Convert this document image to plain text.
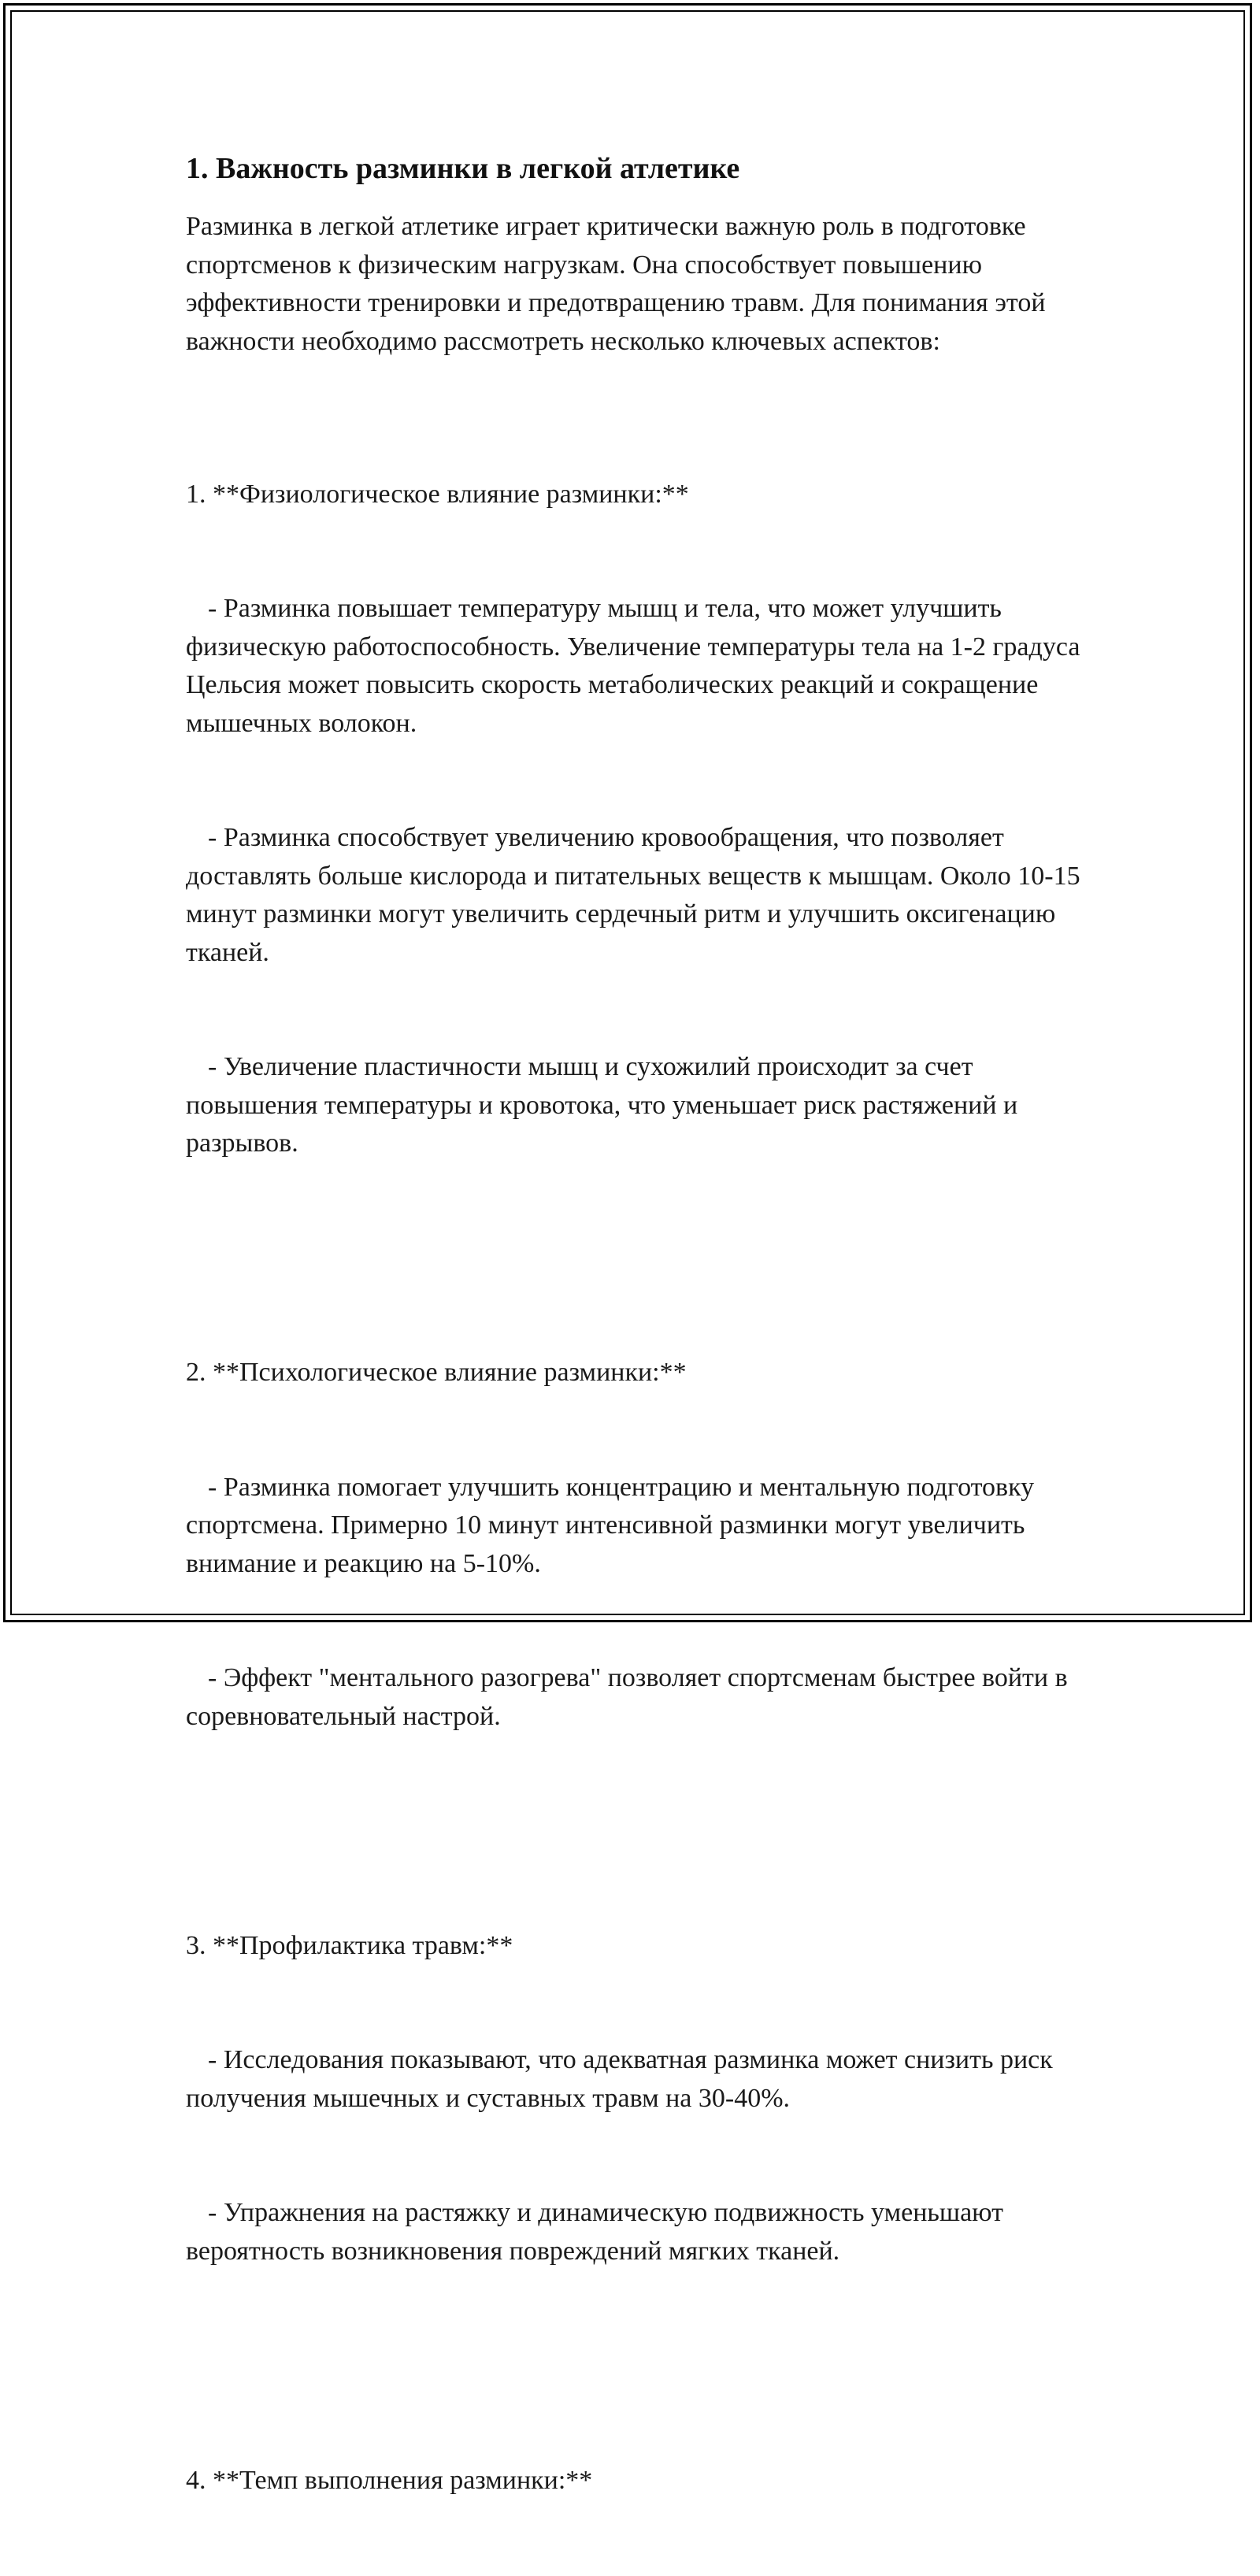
1. Важность разминки в легкой атлетике

Разминка в легкой атлетике играет критически важную роль в подготовке спортсменов к физическим нагрузкам. Она способствует повышению эффективности тренировки и предотвращению травм. Для понимания этой важности необходимо рассмотреть несколько ключевых аспектов:

1. **Физиологическое влияние разминки:**

- Разминка повышает температуру мышц и тела, что может улучшить физическую работоспособность. Увеличение температуры тела на 1-2 градуса Цельсия может повысить скорость метаболических реакций и сокращение мышечных волокон.

- Разминка способствует увеличению кровообращения, что позволяет доставлять больше кислорода и питательных веществ к мышцам. Около 10-15 минут разминки могут увеличить сердечный ритм и улучшить оксигенацию тканей.

- Увеличение пластичности мышц и сухожилий происходит за счет повышения температуры и кровотока, что уменьшает риск растяжений и разрывов.

2. **Психологическое влияние разминки:**

- Разминка помогает улучшить концентрацию и ментальную подготовку спортсмена. Примерно 10 минут интенсивной разминки могут увеличить внимание и реакцию на 5-10%.

- Эффект "ментального разогрева" позволяет спортсменам быстрее войти в соревновательный настрой.

3. **Профилактика травм:**

- Исследования показывают, что адекватная разминка может снизить риск получения мышечных и суставных травм на 30-40%.

- Упражнения на растяжку и динамическую подвижность уменьшают вероятность возникновения повреждений мягких тканей.

4. **Темп выполнения разминки:**
